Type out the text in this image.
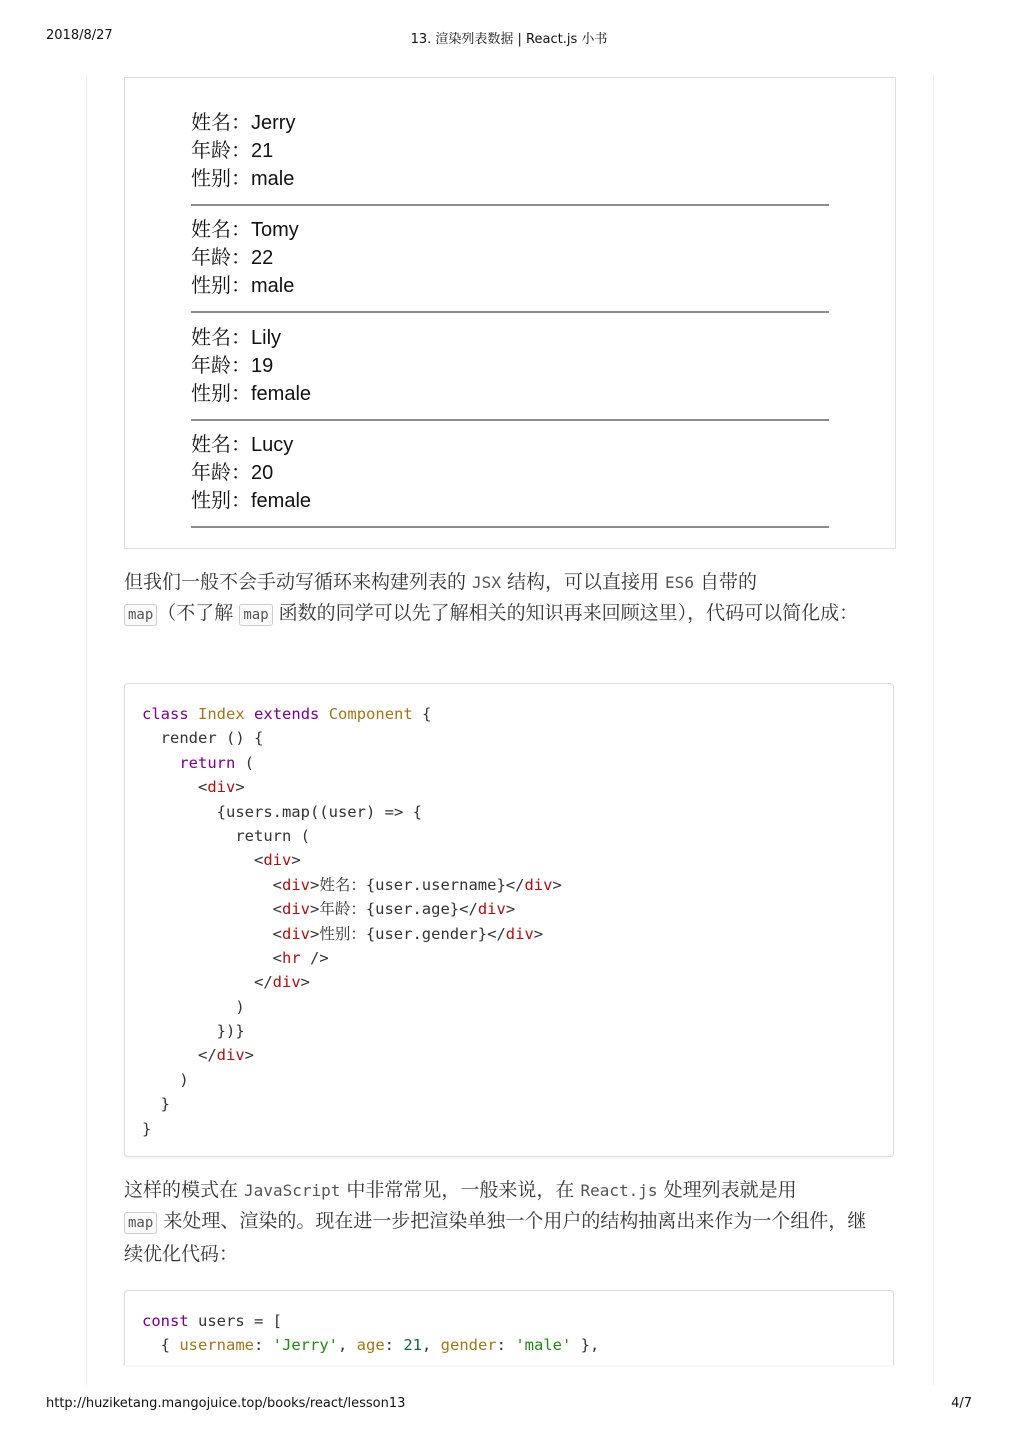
2018/8/27	13. 渲染列表数据 | React.js 小书
姓名：Jerry
年龄：21
性别：male
姓名：Tomy
年龄：22
性别：male
姓名：Lily
年龄：19
性别：female
姓名：Lucy
年龄：20
性别：female
但我们一般不会手动写循环来构建列表的 JSX 结构，可以直接用 ES6 自带的
map （不了解 map 函数的同学可以先了解相关的知识再来回顾这里），代码可以简化成：
class Index extends Component {
render () {
return (
<div>
{users.map((user) => {
return (
<div>
<div>姓名：{user.username}</div>
<div>年龄：{user.age}</div>
<div>性别：{user.gender}</div>
<hr />
</div>
)
})}
</div>
)
}
}
这样的模式在 JavaScript 中非常常见，一般来说，在 React.js 处理列表就是用
map 来处理、渲染的。现在进一步把渲染单独一个用户的结构抽离出来作为一个组件，继续优化代码：
const users = [
{ username: 'Jerry', age: 21, gender: 'male' },
http://huziketang.mangojuice.top/books/react/lesson13	4/7
